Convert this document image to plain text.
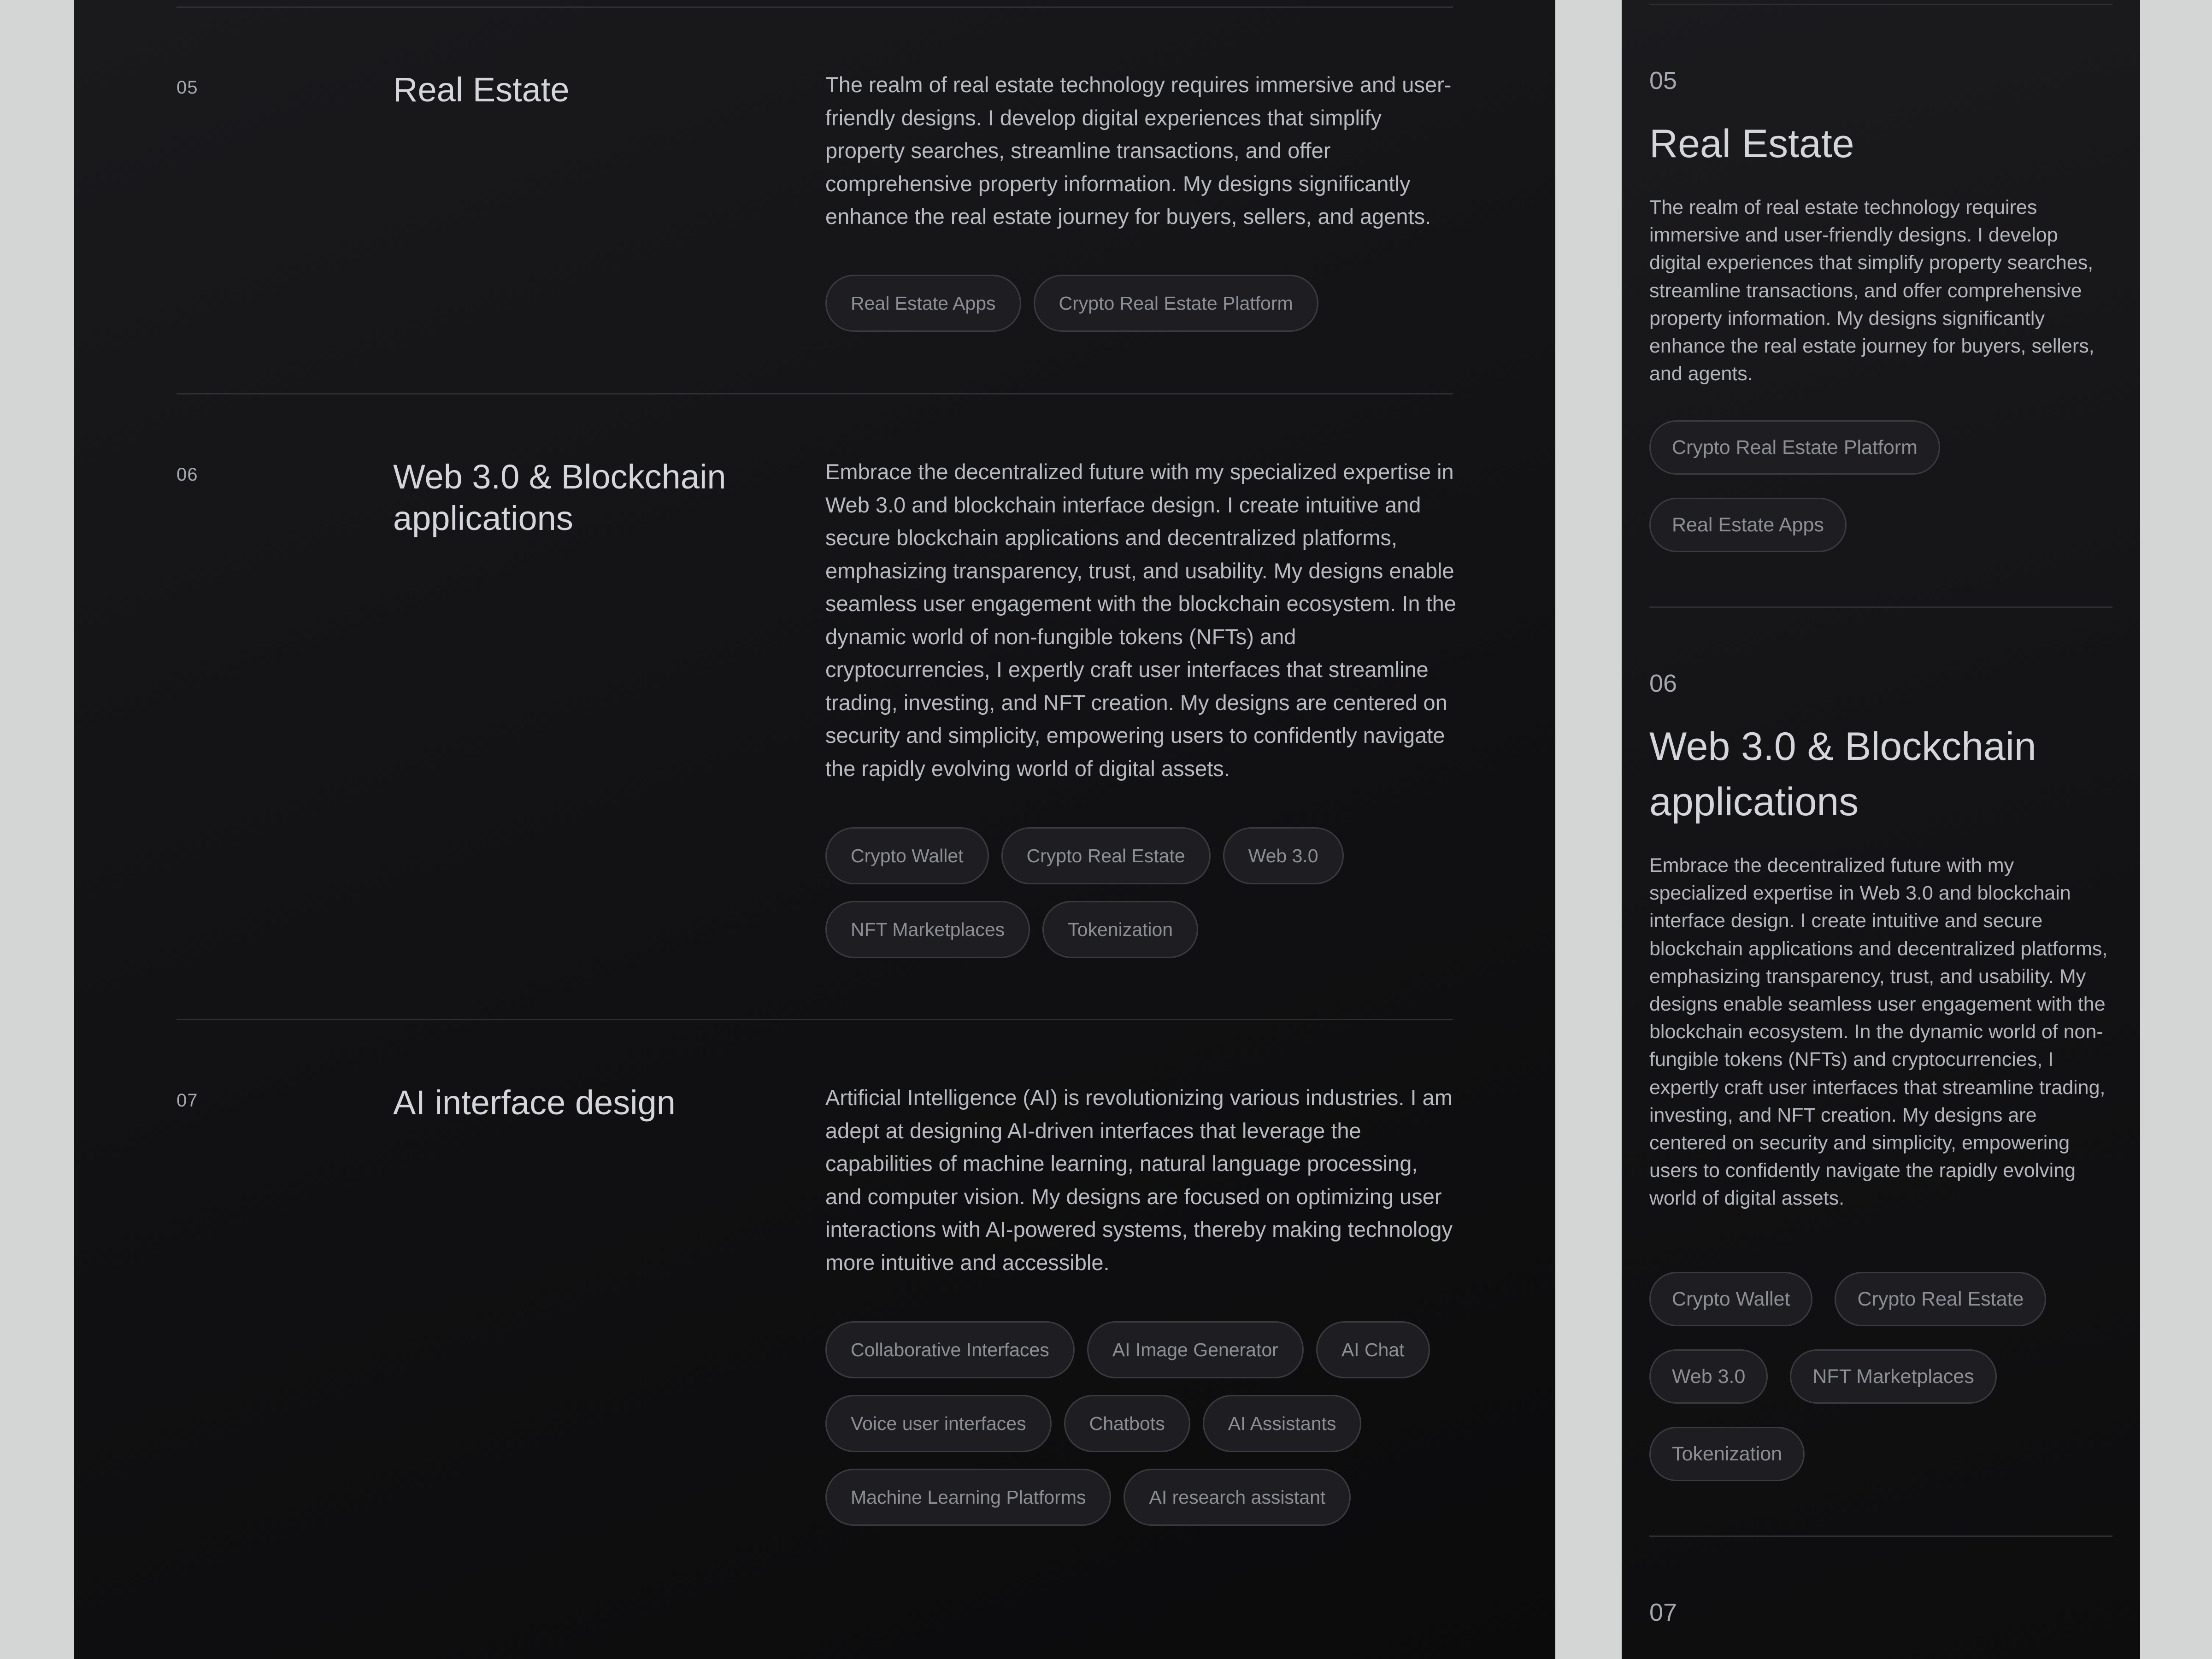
05	Real Estate	The realm of real estate technology requires immersive and user-friendly designs. I develop digital experiences that simplify property searches, streamline transactions, and offer comprehensive property information. My designs significantly enhance the real estate journey for buyers, sellers, and agents.

Real Estate Apps	Crypto Real Estate Platform
06	Web 3.0 & Blockchain applications

Embrace the decentralized future with my specialized expertise in Web 3.0 and blockchain interface design. I create intuitive and secure blockchain applications and decentralized platforms, emphasizing transparency, trust, and usability. My designs enable seamless user engagement with the blockchain ecosystem. In the dynamic world of non-fungible tokens (NFTs) and cryptocurrencies, I expertly craft user interfaces that streamline trading, investing, and NFT creation. My designs are centered on security and simplicity, empowering users to confidently navigate the rapidly evolving world of digital assets.

Crypto Wallet	Crypto Real Estate	Web 3.0
NFT Marketplaces	Tokenization
07	AI interface design	Artificial Intelligence (AI) is revolutionizing various industries. I am adept at designing AI-driven interfaces that leverage the capabilities of machine learning, natural language processing, and computer vision. My designs are focused on optimizing user interactions with AI-powered systems, thereby making technology more intuitive and accessible.

Collaborative Interfaces	AI Image Generator	AI Chat
Voice user interfaces	Chatbots	AI Assistants
Machine Learning Platforms	AI research assistant
05
Real Estate

The realm of real estate technology requires immersive and user-friendly designs. I develop digital experiences that simplify property searches, streamline transactions, and offer comprehensive property information. My designs significantly enhance the real estate journey for buyers, sellers, and agents.

Crypto Real Estate Platform
Real Estate Apps
06
Web 3.0 & Blockchain applications

Embrace the decentralized future with my specialized expertise in Web 3.0 and blockchain interface design. I create intuitive and secure blockchain applications and decentralized platforms, emphasizing transparency, trust, and usability. My designs enable seamless user engagement with the blockchain ecosystem. In the dynamic world of non-fungible tokens (NFTs) and cryptocurrencies, I expertly craft user interfaces that streamline trading, investing, and NFT creation. My designs are centered on security and simplicity, empowering users to confidently navigate the rapidly evolving world of digital assets.

Crypto Wallet	Crypto Real Estate
Web 3.0	NFT Marketplaces
Tokenization
07
